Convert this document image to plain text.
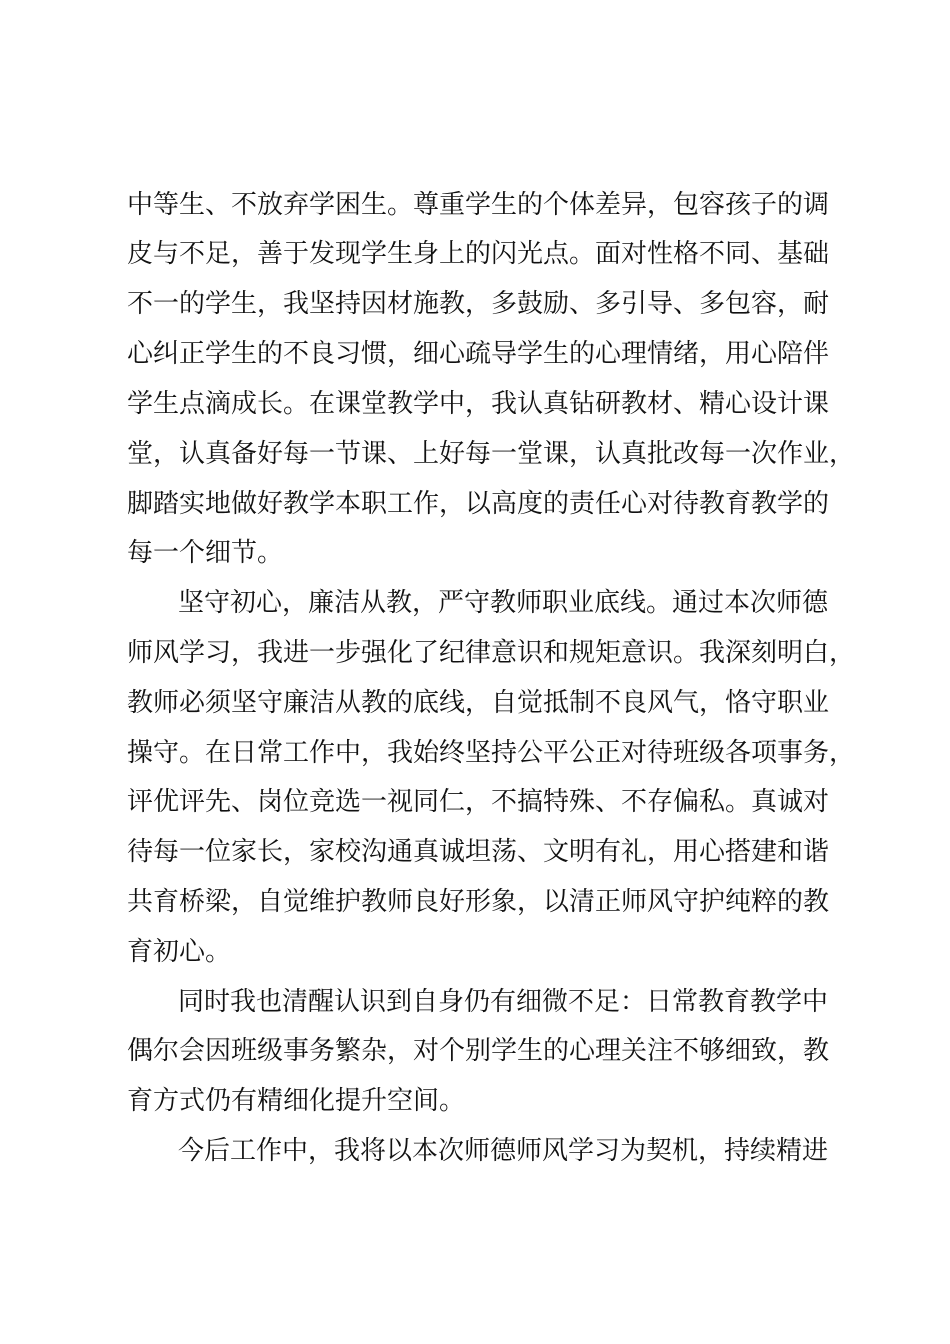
中等生、不放弃学困生。尊重学生的个体差异，包容孩子的调
皮与不足，善于发现学生身上的闪光点。面对性格不同、基础
不一的学生，我坚持因材施教，多鼓励、多引导、多包容，耐
心纠正学生的不良习惯，细心疏导学生的心理情绪，用心陪伴
学生点滴成长。在课堂教学中，我认真钻研教材、精心设计课
堂，认真备好每一节课、上好每一堂课，认真批改每一次作业，
脚踏实地做好教学本职工作，以高度的责任心对待教育教学的
每一个细节。
坚守初心，廉洁从教，严守教师职业底线。通过本次师德
师风学习，我进一步强化了纪律意识和规矩意识。我深刻明白，
教师必须坚守廉洁从教的底线，自觉抵制不良风气，恪守职业
操守。在日常工作中，我始终坚持公平公正对待班级各项事务，
评优评先、岗位竞选一视同仁，不搞特殊、不存偏私。真诚对
待每一位家长，家校沟通真诚坦荡、文明有礼，用心搭建和谐
共育桥梁，自觉维护教师良好形象，以清正师风守护纯粹的教
育初心。
同时我也清醒认识到自身仍有细微不足：日常教育教学中
偶尔会因班级事务繁杂，对个别学生的心理关注不够细致，教
育方式仍有精细化提升空间。
今后工作中，我将以本次师德师风学习为契机，持续精进
